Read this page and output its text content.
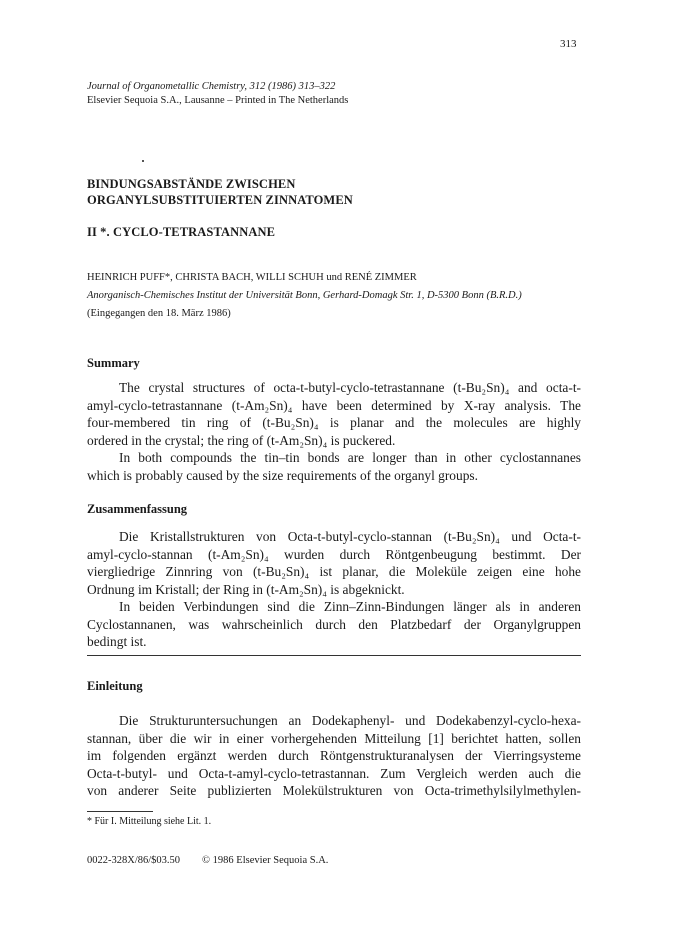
313
Journal of Organometallic Chemistry, 312 (1986) 313–322
Elsevier Sequoia S.A., Lausanne – Printed in The Netherlands
BINDUNGSABSTÄNDE ZWISCHEN
ORGANYLSUBSTITUIERTEN ZINNATOMEN
II *. CYCLO-TETRASTANNANE
HEINRICH PUFF*, CHRISTA BACH, WILLI SCHUH und RENÉ ZIMMER
Anorganisch-Chemisches Institut der Universität Bonn, Gerhard-Domagk Str. 1, D-5300 Bonn (B.R.D.)
(Eingegangen den 18. März 1986)
Summary
The crystal structures of octa-t-butyl-cyclo-tetrastannane (t-Bu₂Sn)₄ and octa-t-
amyl-cyclo-tetrastannane (t-Am₂Sn)₄ have been determined by X-ray analysis. The
four-membered tin ring of (t-Bu₂Sn)₄ is planar and the molecules are highly
ordered in the crystal; the ring of (t-Am₂Sn)₄ is puckered.
In both compounds the tin–tin bonds are longer than in other cyclostannanes
which is probably caused by the size requirements of the organyl groups.
Zusammenfassung
Die Kristallstrukturen von Octa-t-butyl-cyclo-stannan (t-Bu₂Sn)₄ und Octa-t-
amyl-cyclo-stannan (t-Am₂Sn)₄ wurden durch Röntgenbeugung bestimmt. Der
viergliedrige Zinnring von (t-Bu₂Sn)₄ ist planar, die Moleküle zeigen eine hohe
Ordnung im Kristall; der Ring in (t-Am₂Sn)₄ is abgeknickt.
In beiden Verbindungen sind die Zinn–Zinn-Bindungen länger als in anderen
Cyclostannanen, was wahrscheinlich durch den Platzbedarf der Organylgruppen
bedingt ist.
Einleitung
Die Strukturuntersuchungen an Dodekaphenyl- und Dodekabenzyl-cyclo-hexa-
stannan, über die wir in einer vorhergehenden Mitteilung [1] berichtet hatten, sollen
im folgenden ergänzt werden durch Röntgenstrukturanalysen der Vierringsysteme
Octa-t-butyl- und Octa-t-amyl-cyclo-tetrastannan. Zum Vergleich werden auch die
von anderer Seite publizierten Molekülstrukturen von Octa-trimethylsilylmethylen-
* Für I. Mitteilung siehe Lit. 1.
0022-328X/86/$03.50 © 1986 Elsevier Sequoia S.A.
